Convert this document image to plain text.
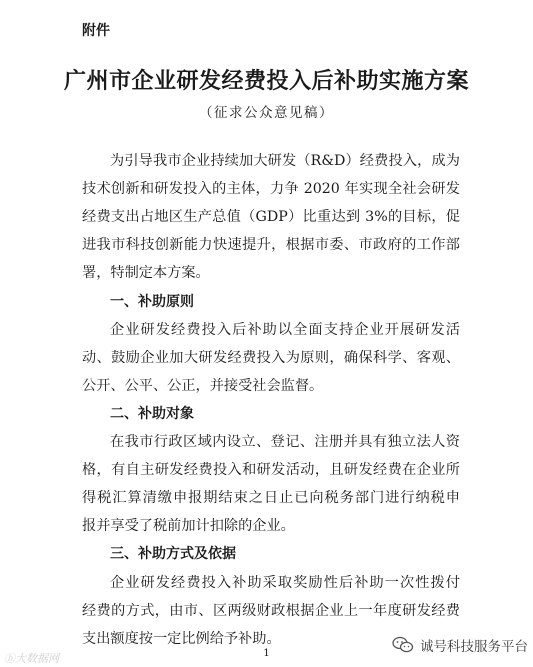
附件
广州市企业研发经费投入后补助实施方案
（征求公众意见稿）
为引导我市企业持续加大研发（R&D）经费投入，成为
技术创新和研发投入的主体，力争 2020 年实现全社会研发
经费支出占地区生产总值（GDP）比重达到 3%的目标，促
进我市科技创新能力快速提升，根据市委、市政府的工作部
署，特制定本方案。
一、补助原则
企业研发经费投入后补助以全面支持企业开展研发活
动、鼓励企业加大研发经费投入为原则，确保科学、客观、
公开、公平、公正，并接受社会监督。
二、补助对象
在我市行政区域内设立、登记、注册并具有独立法人资
格，有自主研发经费投入和研发活动，且研发经费在企业所
得税汇算清缴申报期结束之日止已向税务部门进行纳税申
报并享受了税前加计扣除的企业。
三、补助方式及依据
企业研发经费投入补助采取奖励性后补助一次性拨付
经费的方式，由市、区两级财政根据企业上一年度研发经费
支出额度按一定比例给予补助。
1
ⓑ大数据网
诚号科技服务平台
